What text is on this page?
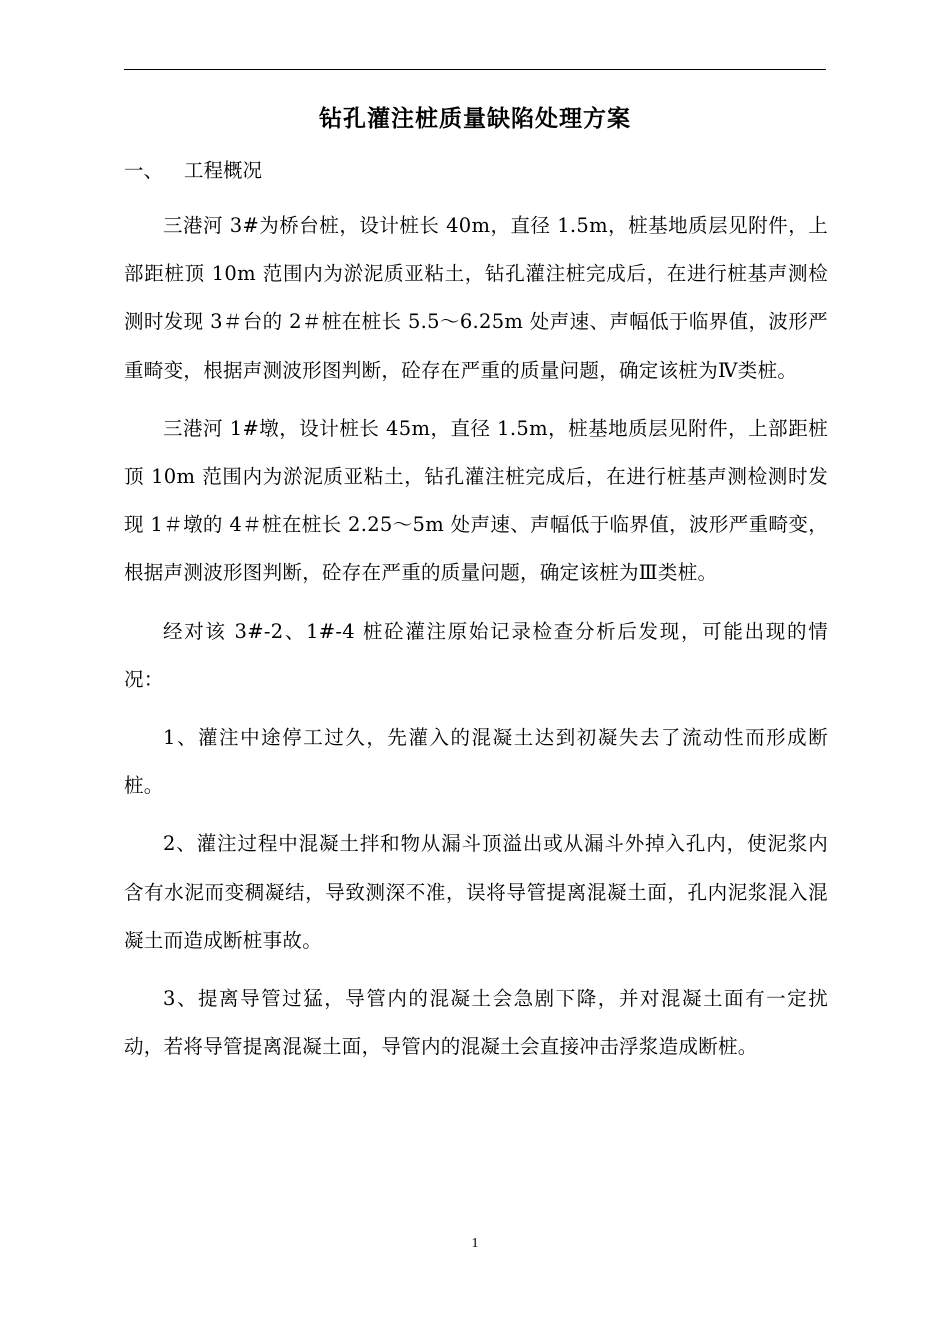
钻孔灌注桩质量缺陷处理方案
一、 工程概况

三港河 3#为桥台桩，设计桩长 40m，直径 1.5m，桩基地质层见附件，上部距桩顶 10m 范围内为淤泥质亚粘土，钻孔灌注桩完成后，在进行桩基声测检测时发现 3＃台的 2＃桩在桩长 5.5～6.25m 处声速、声幅低于临界值，波形严重畸变，根据声测波形图判断，砼存在严重的质量问题，确定该桩为Ⅳ类桩。

三港河 1#墩，设计桩长 45m，直径 1.5m，桩基地质层见附件，上部距桩顶 10m 范围内为淤泥质亚粘土，钻孔灌注桩完成后，在进行桩基声测检测时发现 1＃墩的 4＃桩在桩长 2.25～5m 处声速、声幅低于临界值，波形严重畸变，根据声测波形图判断，砼存在严重的质量问题，确定该桩为Ⅲ类桩。

经对该 3#-2、1#-4 桩砼灌注原始记录检查分析后发现，可能出现的情况：

1、灌注中途停工过久，先灌入的混凝土达到初凝失去了流动性而形成断桩。

2、灌注过程中混凝土拌和物从漏斗顶溢出或从漏斗外掉入孔内，使泥浆内含有水泥而变稠凝结，导致测深不准，误将导管提离混凝土面，孔内泥浆混入混凝土而造成断桩事故。

3、提离导管过猛，导管内的混凝土会急剧下降，并对混凝土面有一定扰动，若将导管提离混凝土面，导管内的混凝土会直接冲击浮浆造成断桩。

1
